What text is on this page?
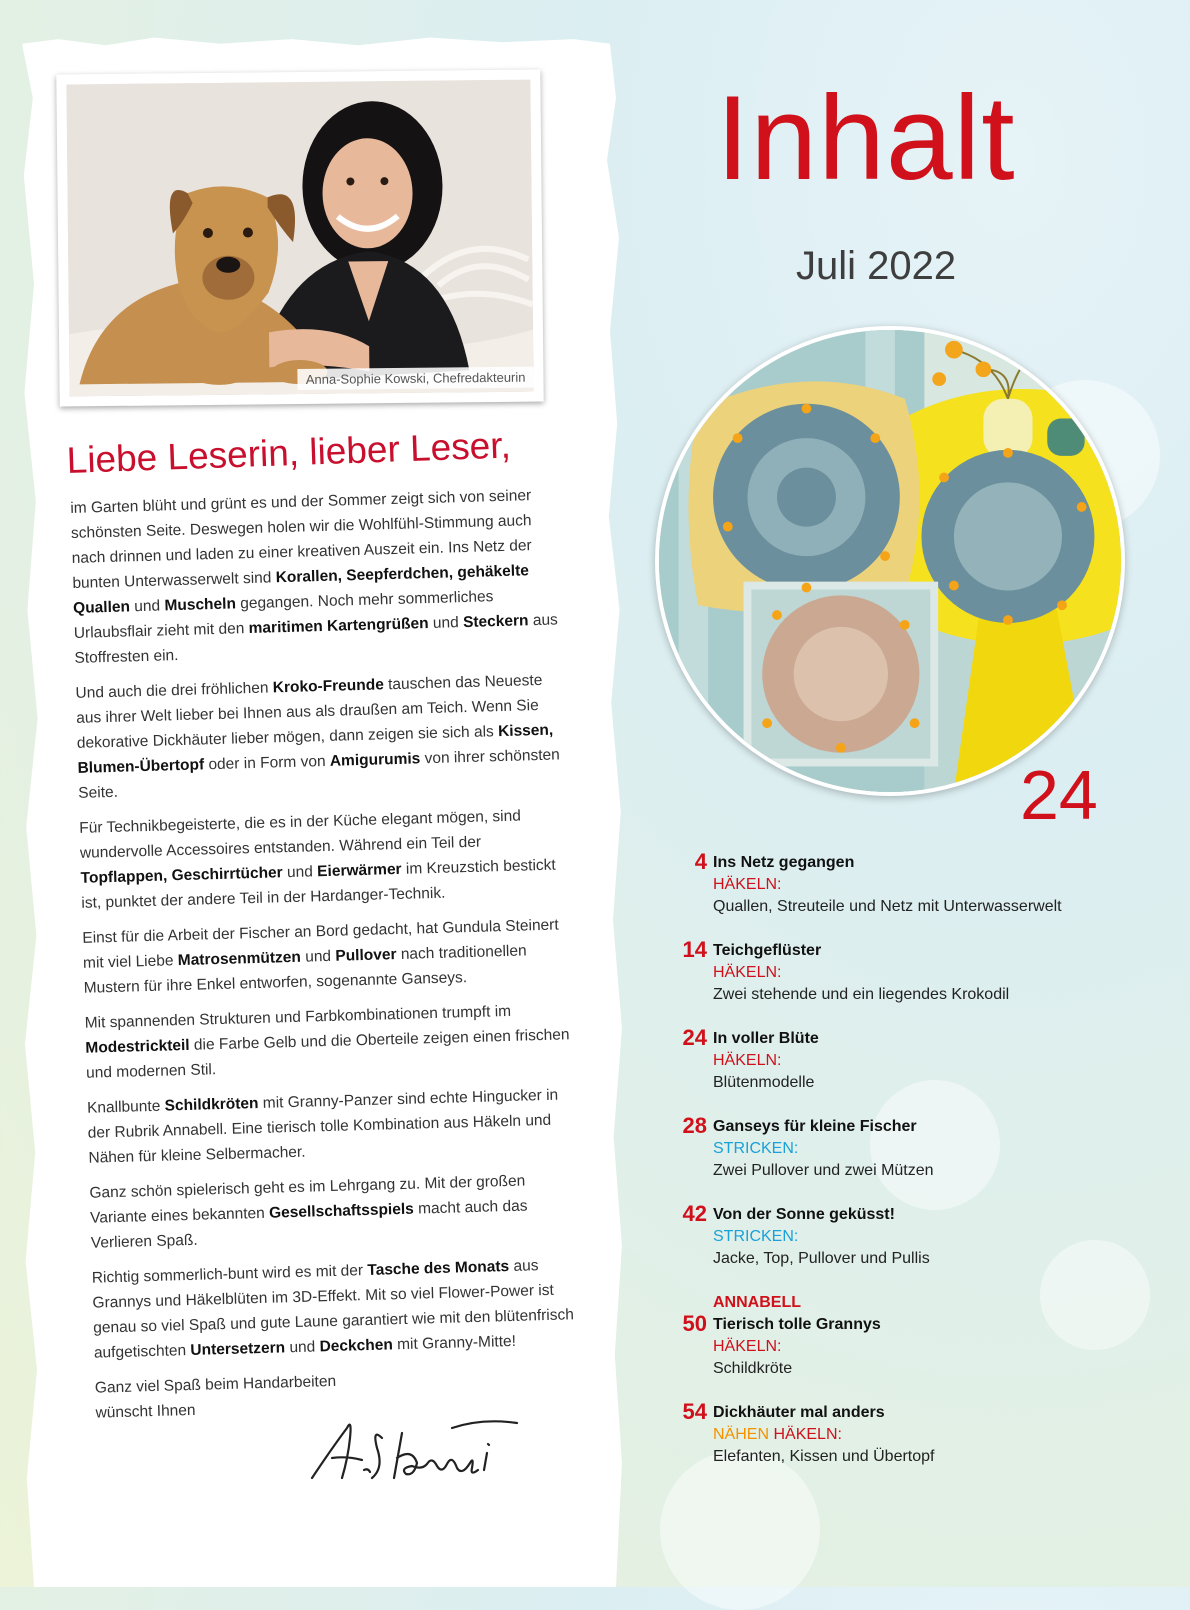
Anna-Sophie Kowski, Chefredakteurin
Liebe Leserin, lieber Leser,

im Garten blüht und grünt es und der Sommer zeigt sich von seiner schönsten Seite. Deswegen holen wir die Wohlfühl-Stimmung auch nach drinnen und laden zu einer kreativen Auszeit ein. Ins Netz der bunten Unterwasserwelt sind Korallen, Seepferdchen, gehäkelte Quallen und Muscheln gegangen. Noch mehr sommerliches Urlaubsflair zieht mit den maritimen Kartengrüßen und Steckern aus Stoffresten ein.

Und auch die drei fröhlichen Kroko-Freunde tauschen das Neueste aus ihrer Welt lieber bei Ihnen aus als draußen am Teich. Wenn Sie dekorative Dickhäuter lieber mögen, dann zeigen sie sich als Kissen, Blumen-Übertopf oder in Form von Amigurumis von ihrer schönsten Seite.

Für Technikbegeisterte, die es in der Küche elegant mögen, sind wundervolle Accessoires entstanden. Während ein Teil der Topflappen, Geschirrtücher und Eierwärmer im Kreuzstich bestickt ist, punktet der andere Teil in der Hardanger-Technik.

Einst für die Arbeit der Fischer an Bord gedacht, hat Gundula Steinert mit viel Liebe Matrosenmützen und Pullover nach traditionellen Mustern für ihre Enkel entworfen, sogenannte Ganseys.

Mit spannenden Strukturen und Farbkombinationen trumpft im Modestrickteil die Farbe Gelb und die Oberteile zeigen einen frischen und modernen Stil.

Knallbunte Schildkröten mit Granny-Panzer sind echte Hingucker in der Rubrik Annabell. Eine tierisch tolle Kombination aus Häkeln und Nähen für kleine Selbermacher.

Ganz schön spielerisch geht es im Lehrgang zu. Mit der großen Variante eines bekannten Gesellschaftsspiels macht auch das Verlieren Spaß.

Richtig sommerlich-bunt wird es mit der Tasche des Monats aus Grannys und Häkelblüten im 3D-Effekt. Mit so viel Flower-Power ist genau so viel Spaß und gute Laune garantiert wie mit den blütenfrisch aufgetischten Untersetzern und Deckchen mit Granny-Mitte!

Ganz viel Spaß beim Handarbeiten
wünscht Ihnen

Inhalt
Juli 2022
24
4 Ins Netz gegangen
HÄKELN:
Quallen, Streuteile und Netz mit Unterwasserwelt
14 Teichgeflüster
HÄKELN:
Zwei stehende und ein liegendes Krokodil
24 In voller Blüte
HÄKELN:
Blütenmodelle
28 Ganseys für kleine Fischer
STRICKEN:
Zwei Pullover und zwei Mützen
42 Von der Sonne geküsst!
STRICKEN:
Jacke, Top, Pullover und Pullis
50
ANNABELL
Tierisch tolle Grannys
HÄKELN:
Schildkröte
54 Dickhäuter mal anders
NÄHEN HÄKELN:
Elefanten, Kissen und Übertopf
